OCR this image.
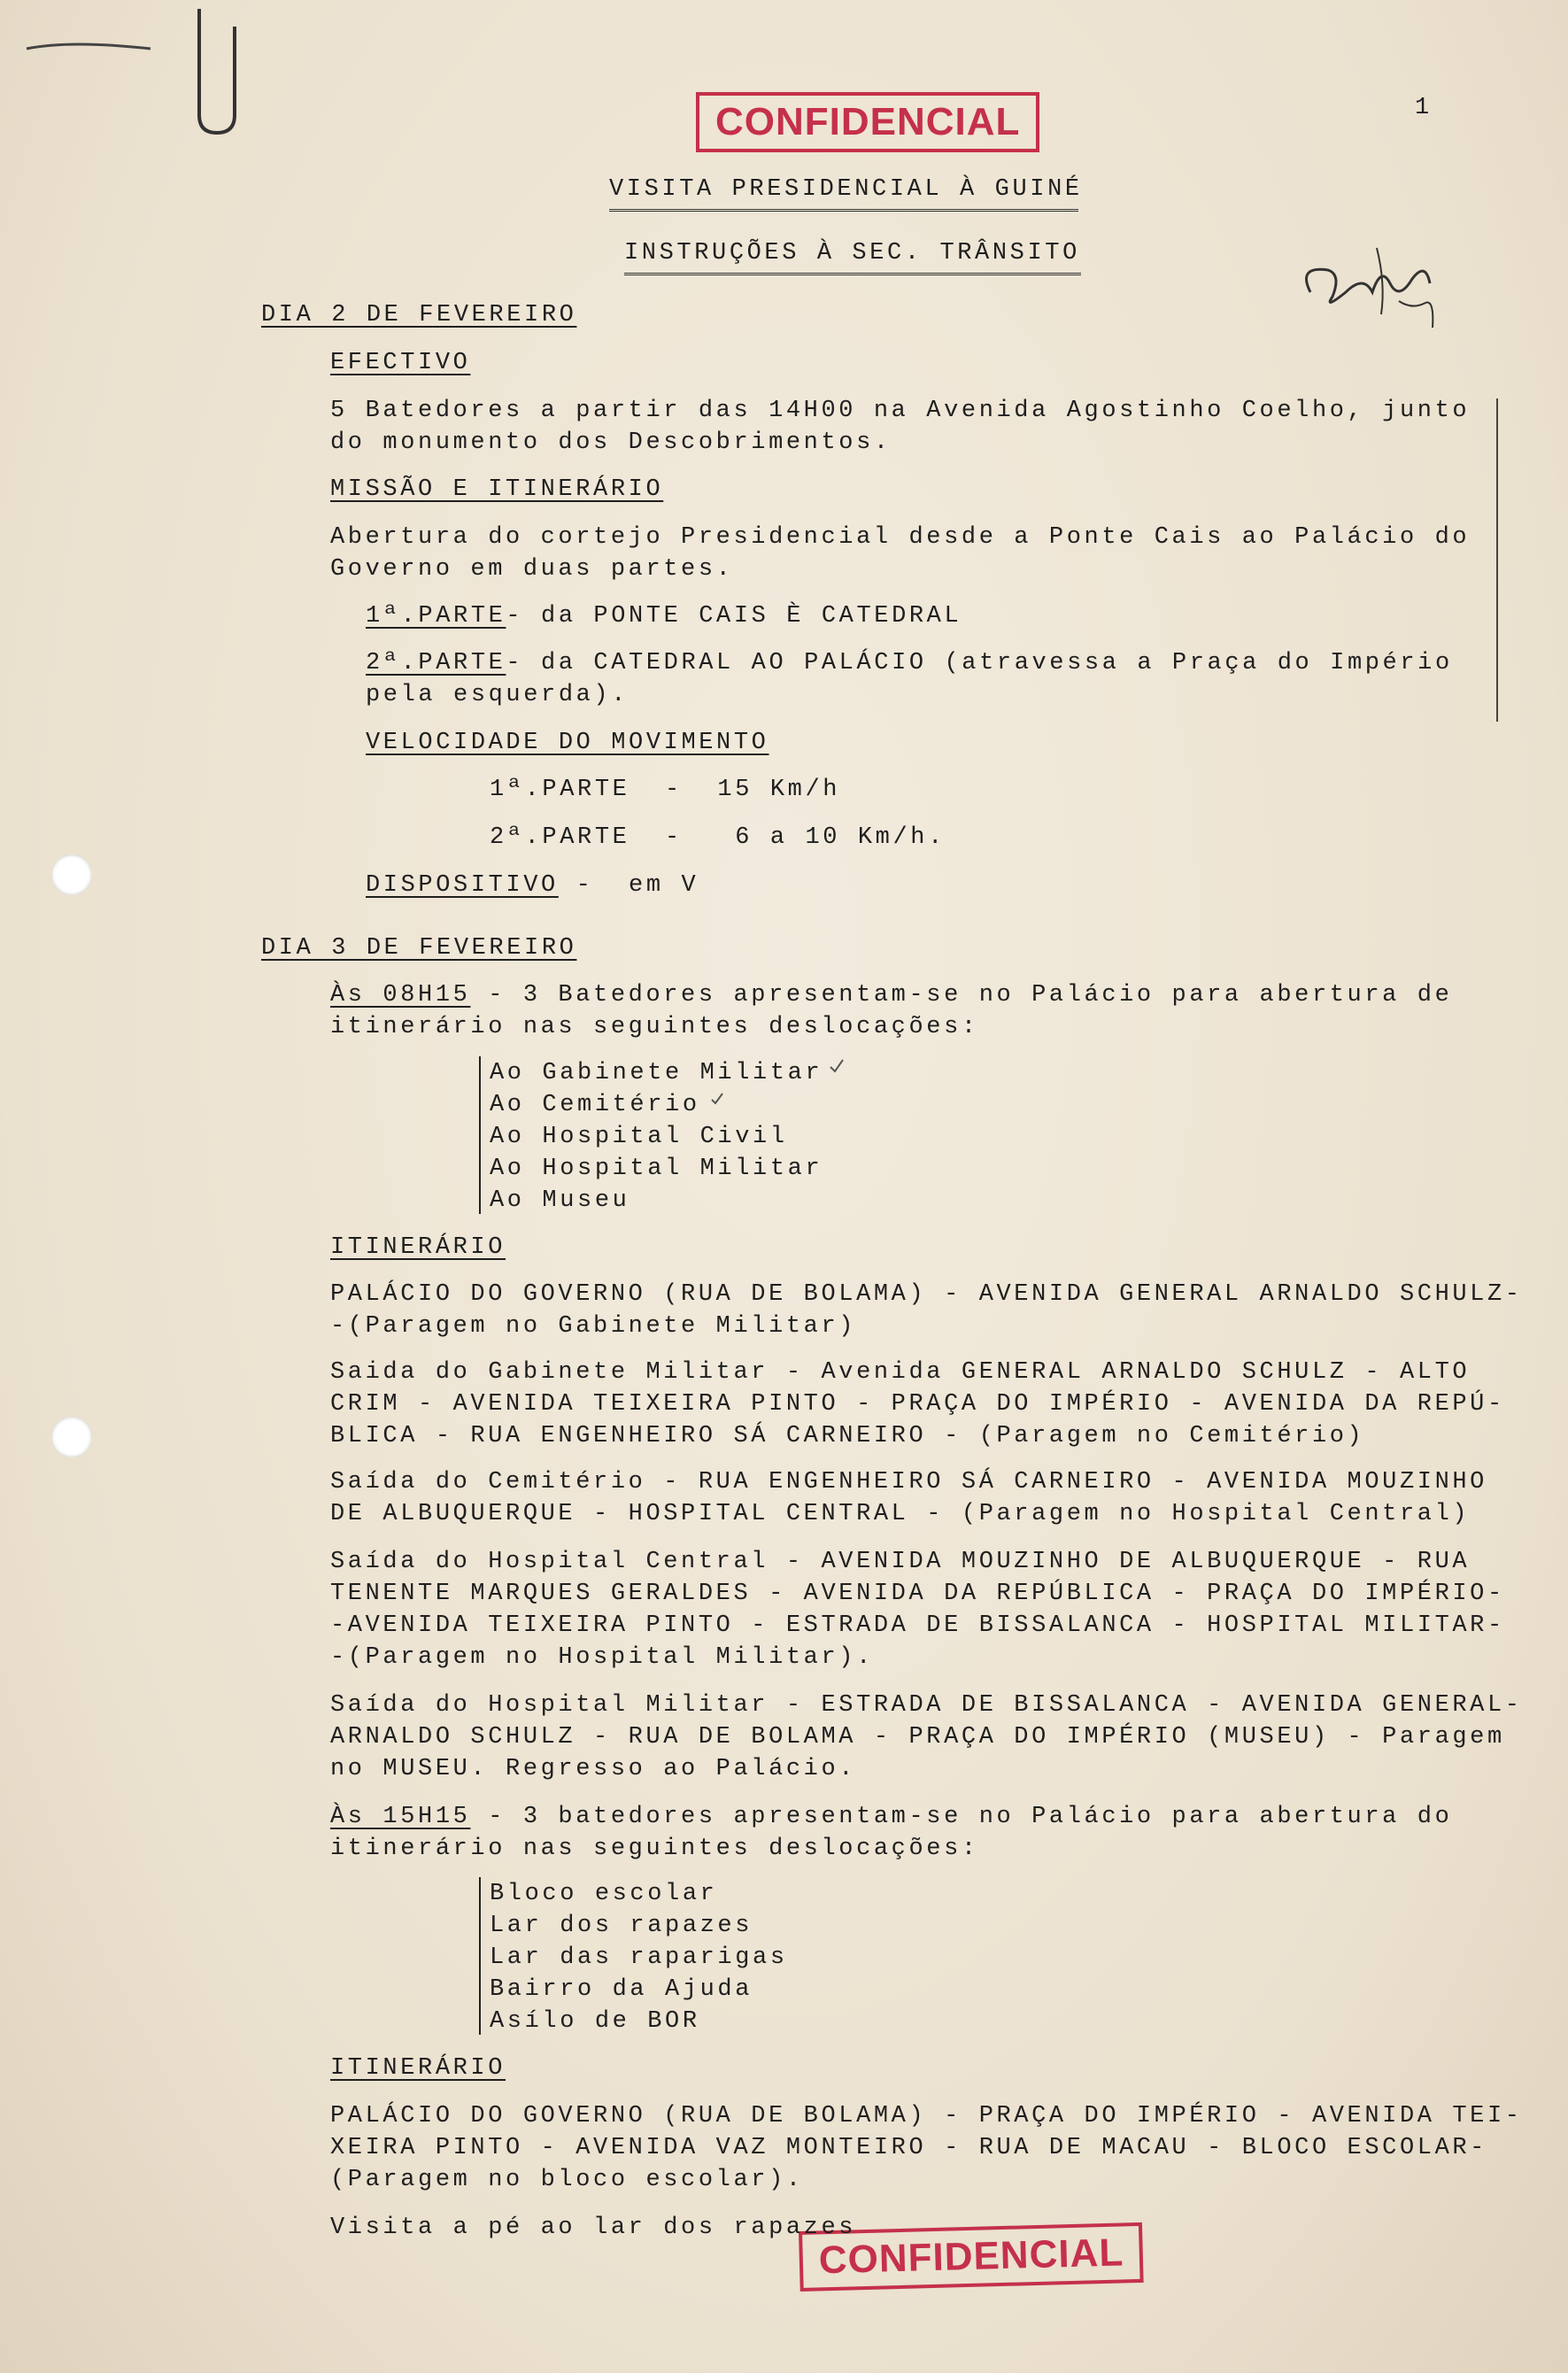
CONFIDENCIAL
CONFIDENCIAL
1
VISITA PRESIDENCIAL À GUINÉ
INSTRUÇÕES À SEC. TRÂNSITO
DIA 2 DE FEVEREIRO
EFECTIVO
5 Batedores a partir das 14H00 na Avenida Agostinho Coelho, junto
do monumento dos Descobrimentos.
MISSÃO E ITINERÁRIO
Abertura do cortejo Presidencial desde a Ponte Cais ao Palácio do
Governo em duas partes.
1ª.PARTE- da PONTE CAIS È CATEDRAL
2ª.PARTE- da CATEDRAL AO PALÁCIO (atravessa a Praça do Império
pela esquerda).
VELOCIDADE DO MOVIMENTO
1ª.PARTE  -  15 Km/h
2ª.PARTE  -   6 a 10 Km/h.
DISPOSITIVO -  em V
DIA 3 DE FEVEREIRO
Às 08H15 - 3 Batedores apresentam-se no Palácio para abertura de
itinerário nas seguintes deslocações:
Ao Gabinete Militar
Ao Cemitério
Ao Hospital Civil
Ao Hospital Militar
Ao Museu
ITINERÁRIO
PALÁCIO DO GOVERNO (RUA DE BOLAMA) - AVENIDA GENERAL ARNALDO SCHULZ-
-(Paragem no Gabinete Militar)
Saida do Gabinete Militar - Avenida GENERAL ARNALDO SCHULZ - ALTO
CRIM - AVENIDA TEIXEIRA PINTO - PRAÇA DO IMPÉRIO - AVENIDA DA REPÚ-
BLICA - RUA ENGENHEIRO SÁ CARNEIRO - (Paragem no Cemitério)
Saída do Cemitério - RUA ENGENHEIRO SÁ CARNEIRO - AVENIDA MOUZINHO
DE ALBUQUERQUE - HOSPITAL CENTRAL - (Paragem no Hospital Central)
Saída do Hospital Central - AVENIDA MOUZINHO DE ALBUQUERQUE - RUA
TENENTE MARQUES GERALDES - AVENIDA DA REPÚBLICA - PRAÇA DO IMPÉRIO-
-AVENIDA TEIXEIRA PINTO - ESTRADA DE BISSALANCA - HOSPITAL MILITAR-
-(Paragem no Hospital Militar).
Saída do Hospital Militar - ESTRADA DE BISSALANCA - AVENIDA GENERAL-
ARNALDO SCHULZ - RUA DE BOLAMA - PRAÇA DO IMPÉRIO (MUSEU) - Paragem
no MUSEU. Regresso ao Palácio.
Às 15H15 - 3 batedores apresentam-se no Palácio para abertura do
itinerário nas seguintes deslocações:
Bloco escolar
Lar dos rapazes
Lar das raparigas
Bairro da Ajuda
Asílo de BOR
ITINERÁRIO
PALÁCIO DO GOVERNO (RUA DE BOLAMA) - PRAÇA DO IMPÉRIO - AVENIDA TEI-
XEIRA PINTO - AVENIDA VAZ MONTEIRO - RUA DE MACAU - BLOCO ESCOLAR-
(Paragem no bloco escolar).
Visita a pé ao lar dos rapazes
